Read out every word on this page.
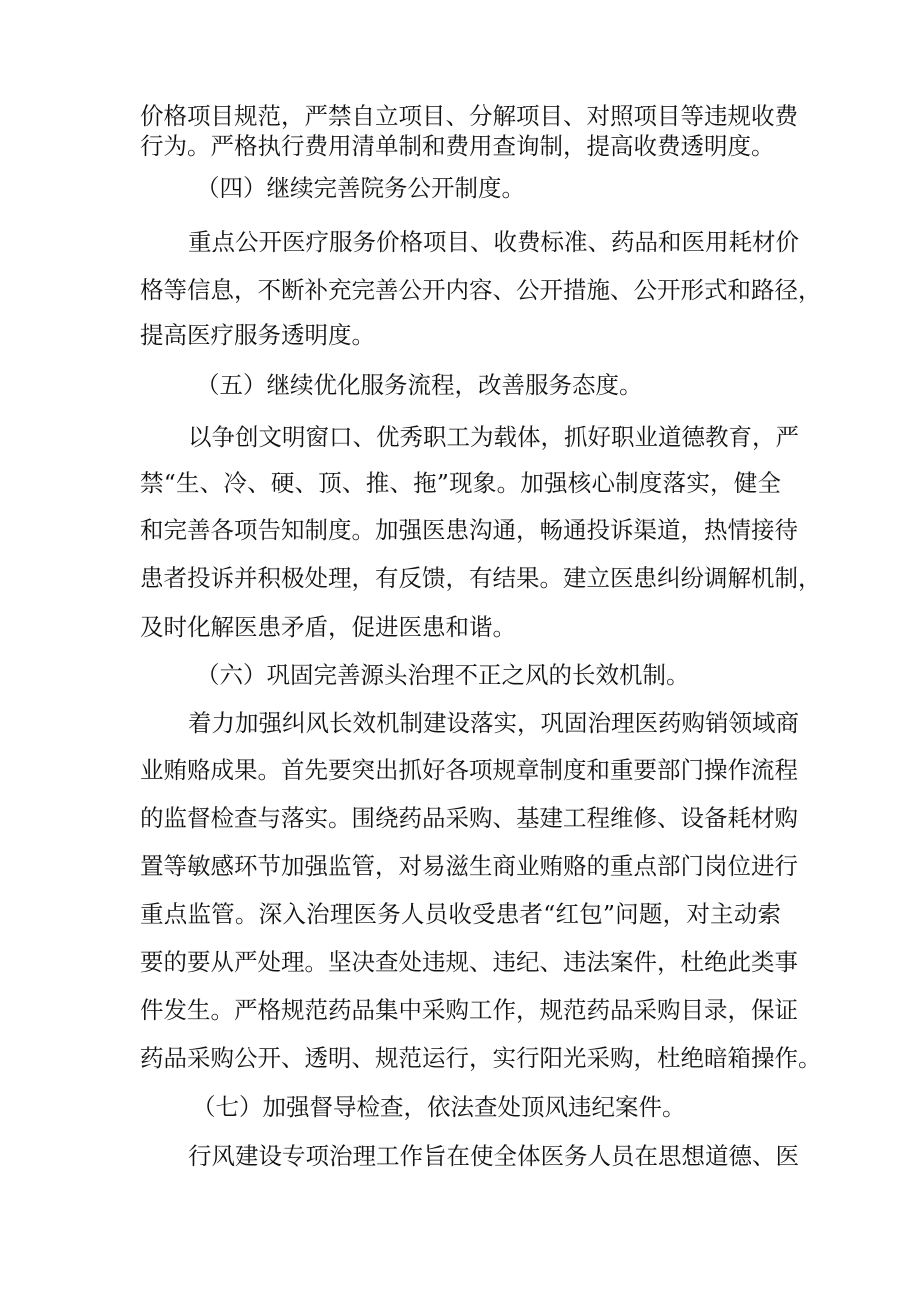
价格项目规范，严禁自立项目、分解项目、对照项目等违规收费
行为。严格执行费用清单制和费用查询制，提高收费透明度。
（四）继续完善院务公开制度。
重点公开医疗服务价格项目、收费标准、药品和医用耗材价
格等信息，不断补充完善公开内容、公开措施、公开形式和路径，
提高医疗服务透明度。
（五）继续优化服务流程，改善服务态度。
以争创文明窗口、优秀职工为载体，抓好职业道德教育，严
禁“生、冷、硬、顶、推、拖”现象。加强核心制度落实，健全
和完善各项告知制度。加强医患沟通，畅通投诉渠道，热情接待
患者投诉并积极处理，有反馈，有结果。建立医患纠纷调解机制，
及时化解医患矛盾，促进医患和谐。
（六）巩固完善源头治理不正之风的长效机制。
着力加强纠风长效机制建设落实，巩固治理医药购销领域商
业贿赂成果。首先要突出抓好各项规章制度和重要部门操作流程
的监督检查与落实。围绕药品采购、基建工程维修、设备耗材购
置等敏感环节加强监管，对易滋生商业贿赂的重点部门岗位进行
重点监管。深入治理医务人员收受患者“红包”问题，对主动索
要的要从严处理。坚决查处违规、违纪、违法案件，杜绝此类事
件发生。严格规范药品集中采购工作，规范药品采购目录，保证
药品采购公开、透明、规范运行，实行阳光采购，杜绝暗箱操作。
（七）加强督导检查，依法查处顶风违纪案件。
行风建设专项治理工作旨在使全体医务人员在思想道德、医
